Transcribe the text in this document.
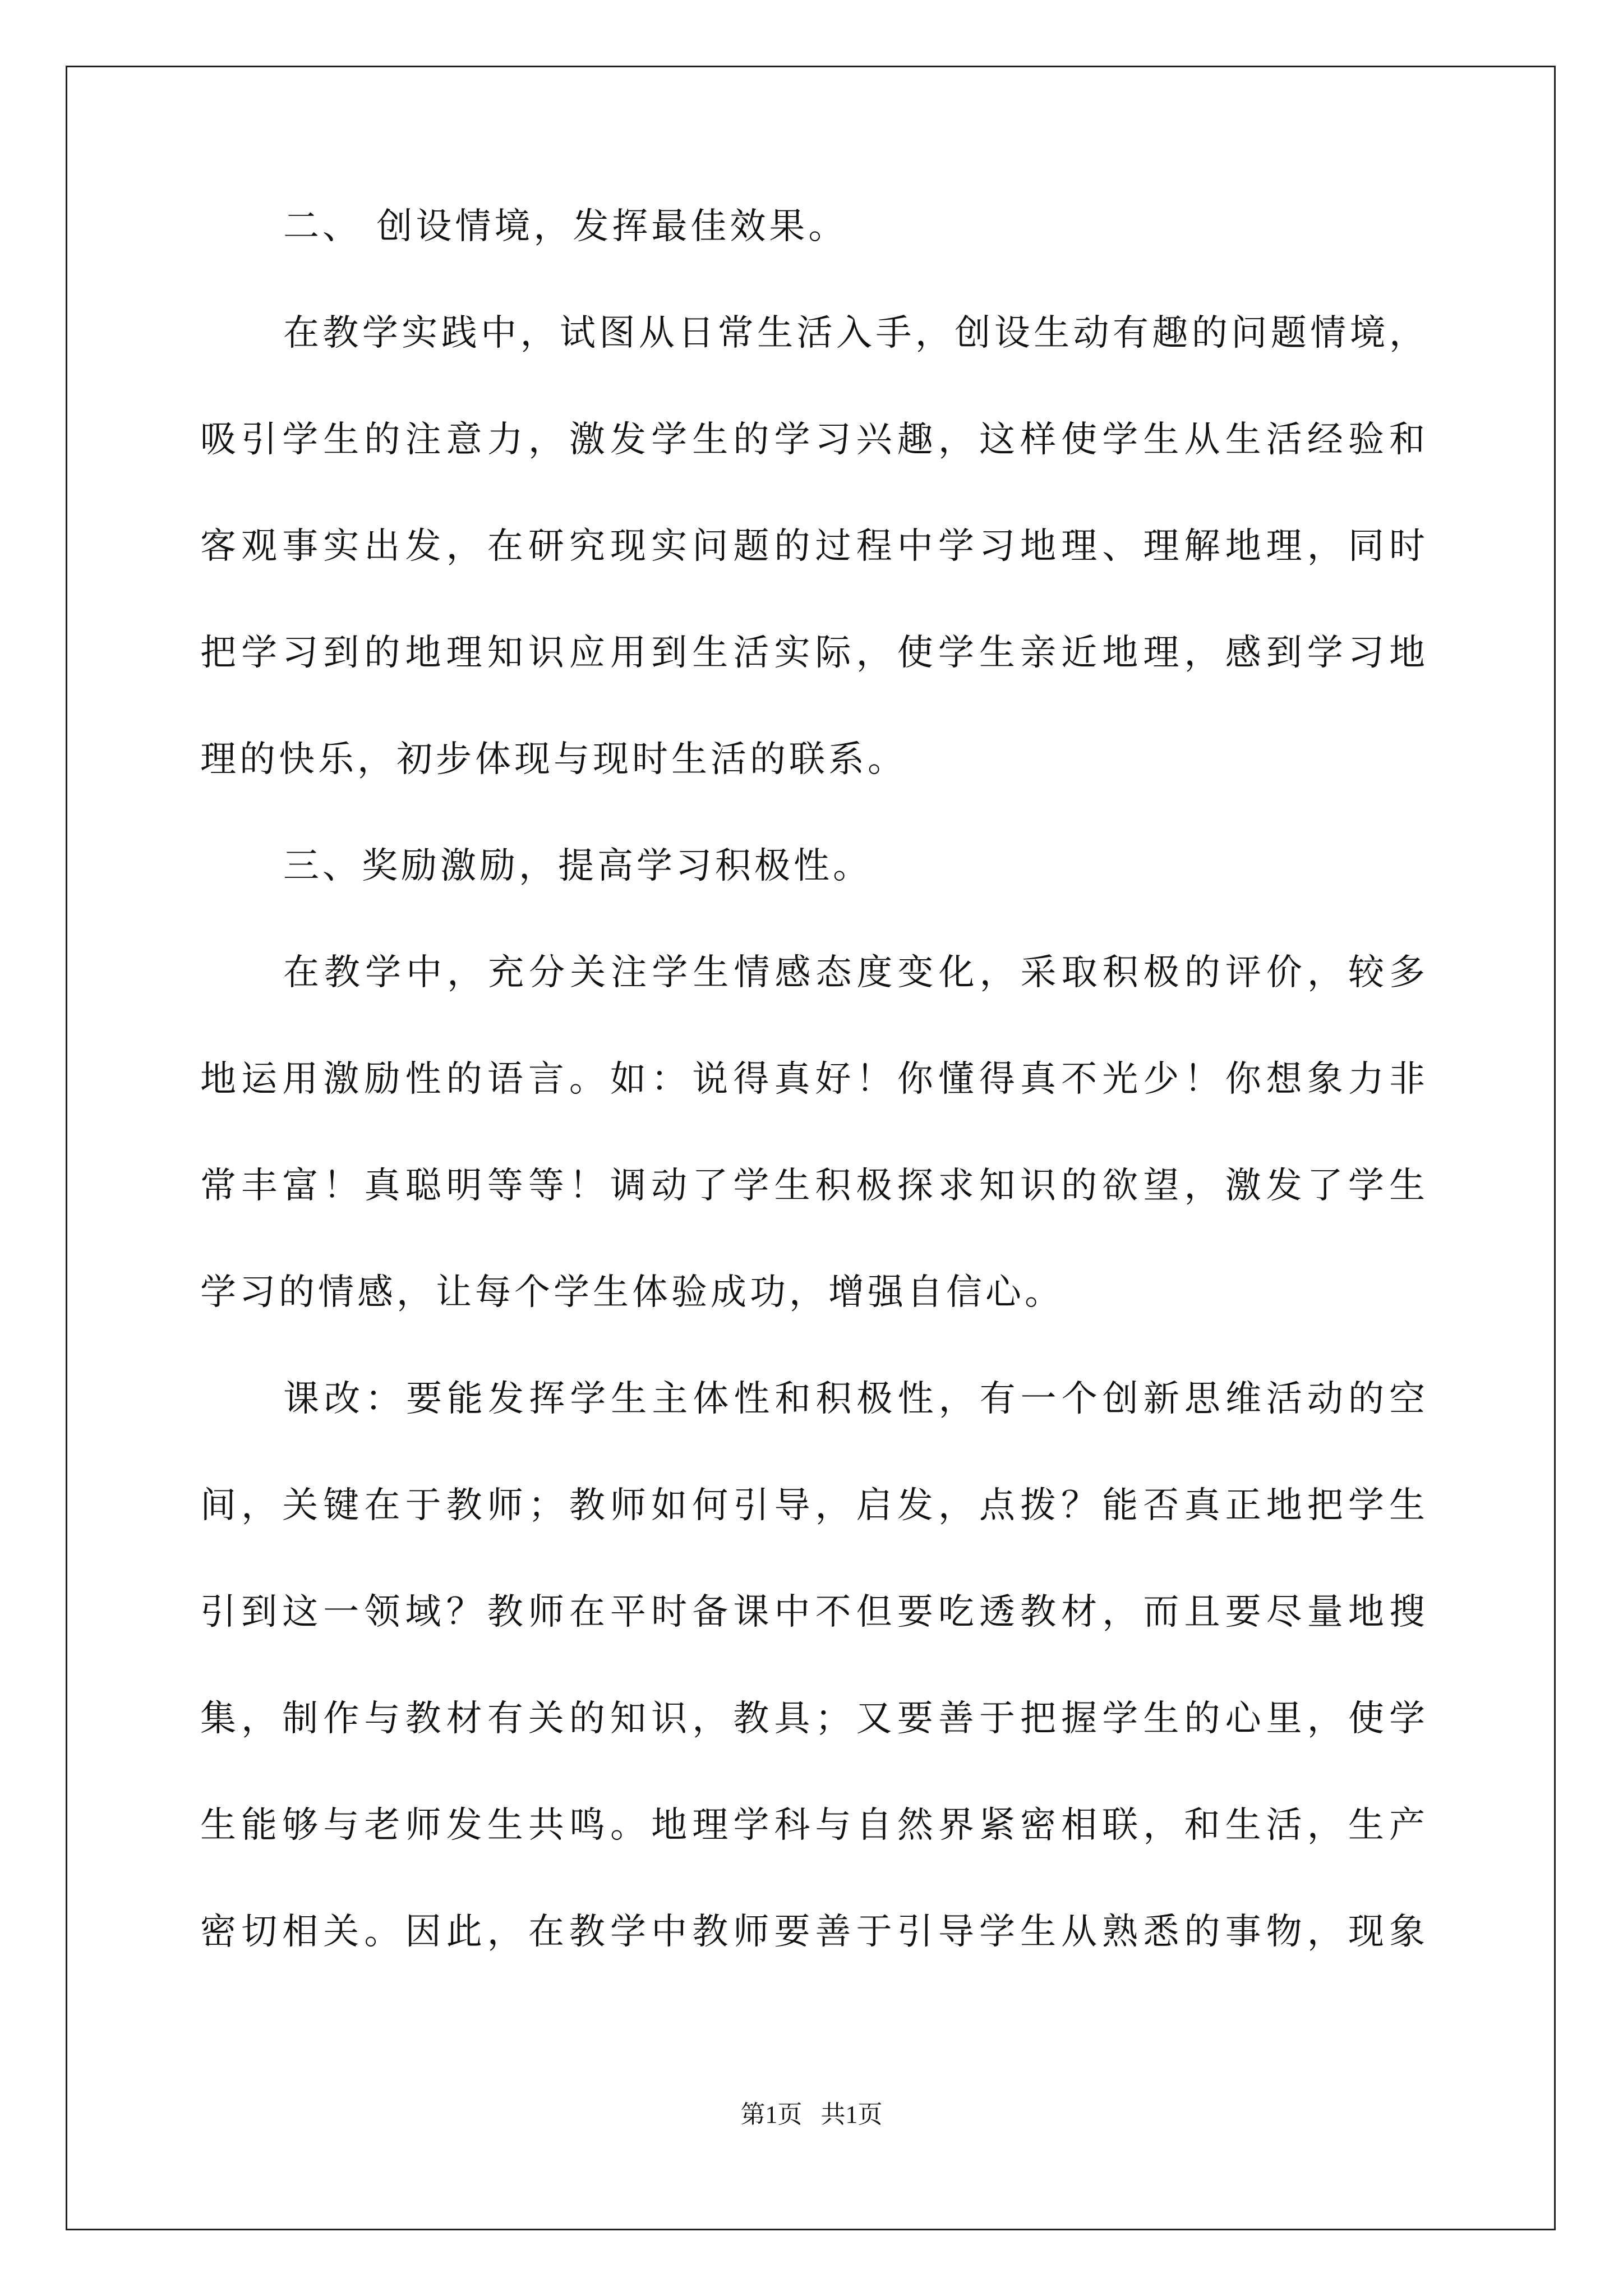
二、 创设情境，发挥最佳效果。
在教学实践中，试图从日常生活入手，创设生动有趣的问题情境，
吸引学生的注意力，激发学生的学习兴趣，这样使学生从生活经验和
客观事实出发，在研究现实问题的过程中学习地理、理解地理，同时
把学习到的地理知识应用到生活实际，使学生亲近地理，感到学习地
理的快乐，初步体现与现时生活的联系。
三、奖励激励，提高学习积极性。
在教学中，充分关注学生情感态度变化，采取积极的评价，较多
地运用激励性的语言。如：说得真好！你懂得真不光少！你想象力非
常丰富！真聪明等等！调动了学生积极探求知识的欲望，激发了学生
学习的情感，让每个学生体验成功，增强自信心。
课改：要能发挥学生主体性和积极性，有一个创新思维活动的空
间，关键在于教师；教师如何引导，启发，点拨？能否真正地把学生
引到这一领域？教师在平时备课中不但要吃透教材，而且要尽量地搜
集，制作与教材有关的知识，教具；又要善于把握学生的心里，使学
生能够与老师发生共鸣。地理学科与自然界紧密相联，和生活，生产
密切相关。因此，在教学中教师要善于引导学生从熟悉的事物，现象
第1页   共1页
